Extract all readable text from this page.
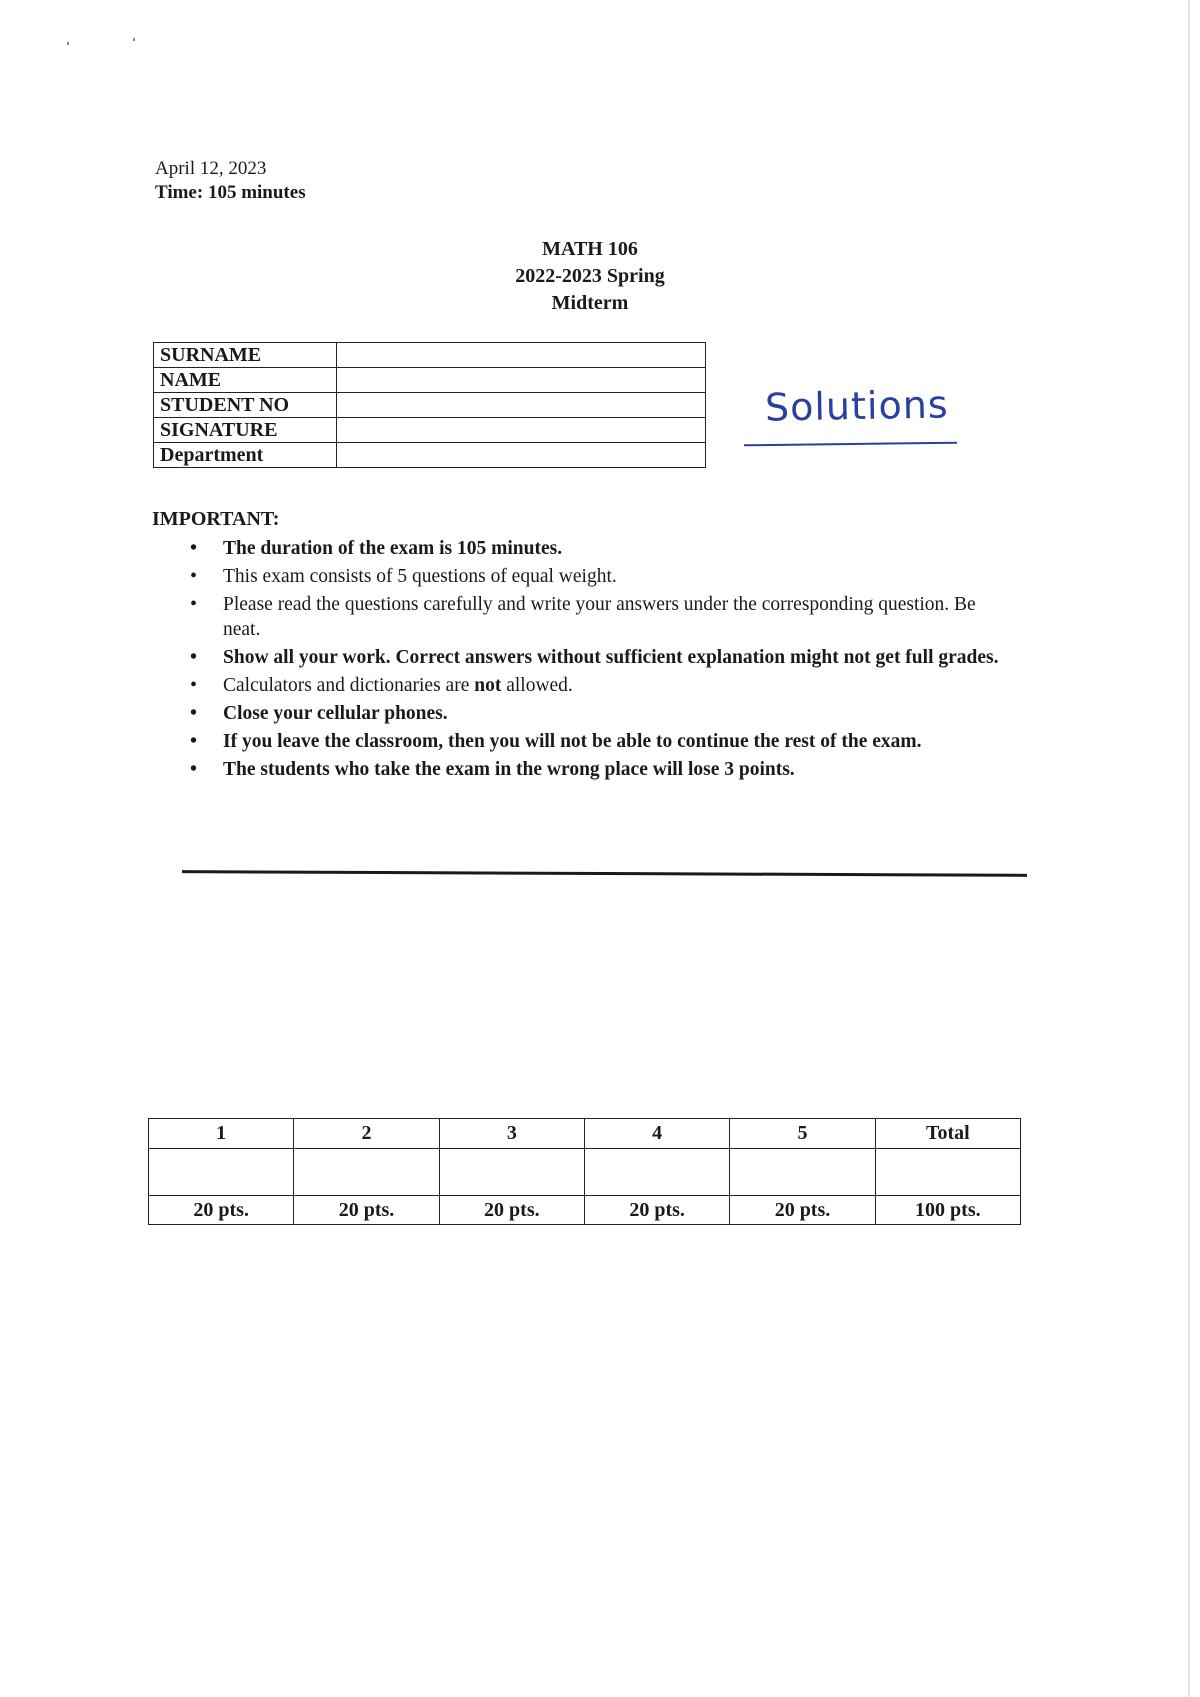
April 12, 2023
Time: 105 minutes
MATH 106
2022-2023 Spring
Midterm
SURNAME	
NAME	
STUDENT NO	
SIGNATURE	
Department	
Solutions
IMPORTANT:
• The duration of the exam is 105 minutes.
• This exam consists of 5 questions of equal weight.
• Please read the questions carefully and write your answers under the corresponding question. Be neat.
• Show all your work. Correct answers without sufficient explanation might not get full grades.
• Calculators and dictionaries are not allowed.
• Close your cellular phones.
• If you leave the classroom, then you will not be able to continue the rest of the exam.
• The students who take the exam in the wrong place will lose 3 points.
1	2	3	4	5	Total

20 pts.	20 pts.	20 pts.	20 pts.	20 pts.	100 pts.
